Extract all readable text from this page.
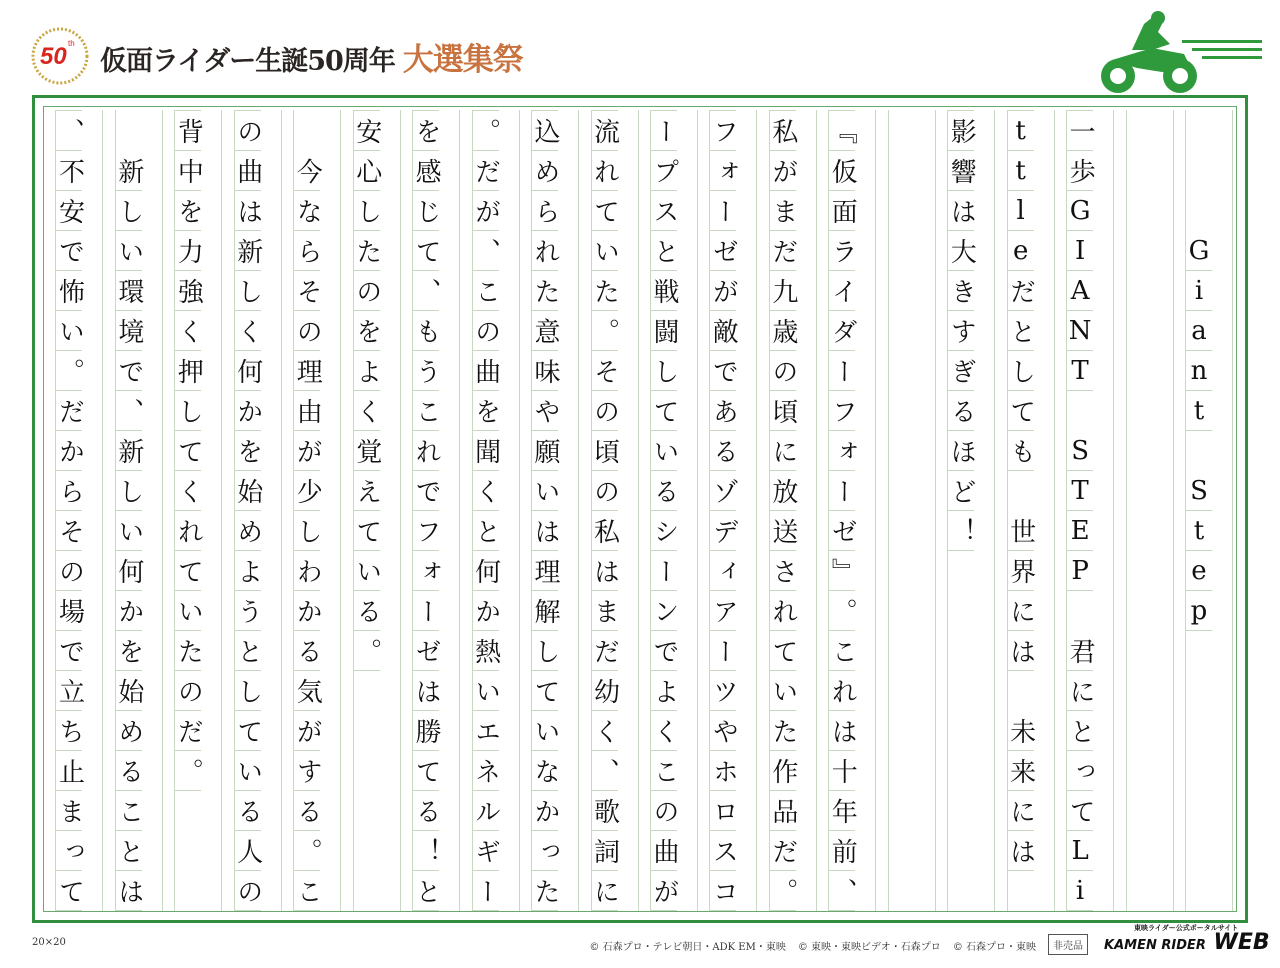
50 th
仮面ライダー生誕50周年 大選集祭
G
i
a
n
t
S
t
e
p
一
歩
G
I
A
N
T
S
T
E
P
君
に
と
っ
て
L
i
t
t
l
e
だ
と
し
て
も
世
界
に
は
未
来
に
は
影
響
は
大
き
す
ぎ
る
ほ
ど
！
『
仮
面
ラ
イ
ダ
ー
フ
ォ
ー
ゼ
』
。
こ
れ
は
十
年
前
、
私
が
ま
だ
九
歳
の
頃
に
放
送
さ
れ
て
い
た
作
品
だ
。
フ
ォ
ー
ゼ
が
敵
で
あ
る
ゾ
デ
ィ
ア
ー
ツ
や
ホ
ロ
ス
コ
ー
プ
ス
と
戦
闘
し
て
い
る
シ
ー
ン
で
よ
く
こ
の
曲
が
流
れ
て
い
た
。
そ
の
頃
の
私
は
ま
だ
幼
く
、
歌
詞
に
込
め
ら
れ
た
意
味
や
願
い
は
理
解
し
て
い
な
か
っ
た
。
だ
が
、
こ
の
曲
を
聞
く
と
何
か
熱
い
エ
ネ
ル
ギ
ー
を
感
じ
て
、
も
う
こ
れ
で
フ
ォ
ー
ゼ
は
勝
て
る
！
と
安
心
し
た
の
を
よ
く
覚
え
て
い
る
。
今
な
ら
そ
の
理
由
が
少
し
わ
か
る
気
が
す
る
。
こ
の
曲
は
新
し
く
何
か
を
始
め
よ
う
と
し
て
い
る
人
の
背
中
を
力
強
く
押
し
て
く
れ
て
い
た
の
だ
。
新
し
い
環
境
で
、
新
し
い
何
か
を
始
め
る
こ
と
は
、
不
安
で
怖
い
。
だ
か
ら
そ
の
場
で
立
ち
止
ま
っ
て
20×20	© 石森プロ・テレビ朝日・ADK EM・東映 © 東映・東映ビデオ・石森プロ © 石森プロ・東映	非売品
東映ライダー公式ポータルサイト
KAMEN RIDER WEB
